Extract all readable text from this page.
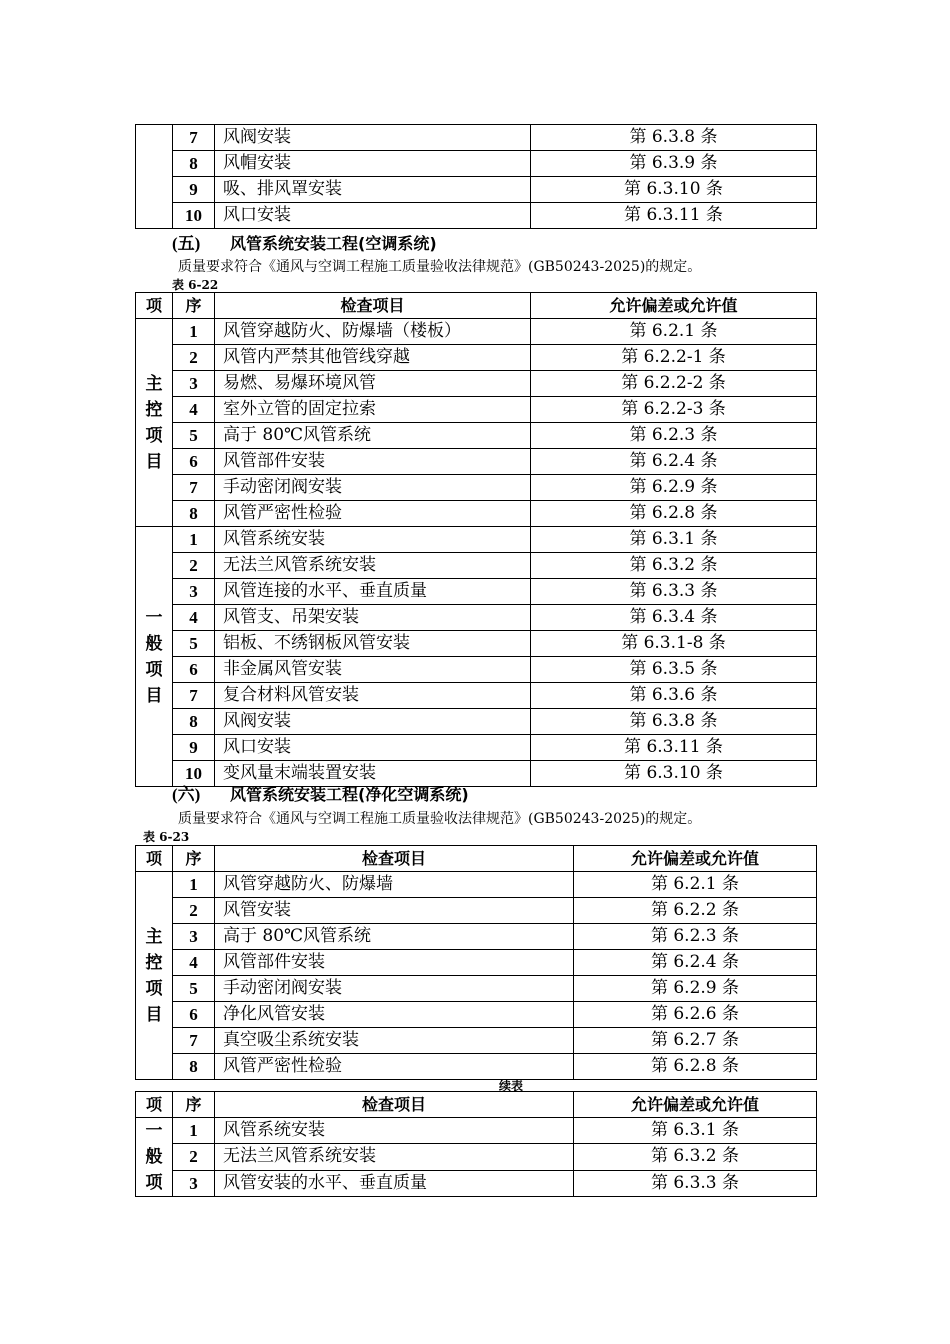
	7	风阀安装	第 6.3.8 条
	8	风帽安装	第 6.3.9 条
	9	吸、排风罩安装	第 6.3.10 条
	10	风口安装	第 6.3.11 条
(五) 风管系统安装工程(空调系统)
质量要求符合《通风与空调工程施工质量验收法律规范》(GB50243-2025)的规定。
表 6-22
项	序	检查项目	允许偏差或允许值
主控项目	1	风管穿越防火、防爆墙（楼板）	第 6.2.1 条
	2	风管内严禁其他管线穿越	第 6.2.2-1 条
	3	易燃、易爆环境风管	第 6.2.2-2 条
	4	室外立管的固定拉索	第 6.2.2-3 条
	5	高于 80℃风管系统	第 6.2.3 条
	6	风管部件安装	第 6.2.4 条
	7	手动密闭阀安装	第 6.2.9 条
	8	风管严密性检验	第 6.2.8 条
一般项目	1	风管系统安装	第 6.3.1 条
	2	无法兰风管系统安装	第 6.3.2 条
	3	风管连接的水平、垂直质量	第 6.3.3 条
	4	风管支、吊架安装	第 6.3.4 条
	5	铝板、不绣钢板风管安装	第 6.3.1-8 条
	6	非金属风管安装	第 6.3.5 条
	7	复合材料风管安装	第 6.3.6 条
	8	风阀安装	第 6.3.8 条
	9	风口安装	第 6.3.11 条
	10	变风量末端装置安装	第 6.3.10 条
(六) 风管系统安装工程(净化空调系统)
质量要求符合《通风与空调工程施工质量验收法律规范》(GB50243-2025)的规定。
表 6-23
项	序	检查项目	允许偏差或允许值
主控项目	1	风管穿越防火、防爆墙	第 6.2.1 条
	2	风管安装	第 6.2.2 条
	3	高于 80℃风管系统	第 6.2.3 条
	4	风管部件安装	第 6.2.4 条
	5	手动密闭阀安装	第 6.2.9 条
	6	净化风管安装	第 6.2.6 条
	7	真空吸尘系统安装	第 6.2.7 条
	8	风管严密性检验	第 6.2.8 条
续表
项	序	检查项目	允许偏差或允许值
一般项	1	风管系统安装	第 6.3.1 条
	2	无法兰风管系统安装	第 6.3.2 条
	3	风管安装的水平、垂直质量	第 6.3.3 条
